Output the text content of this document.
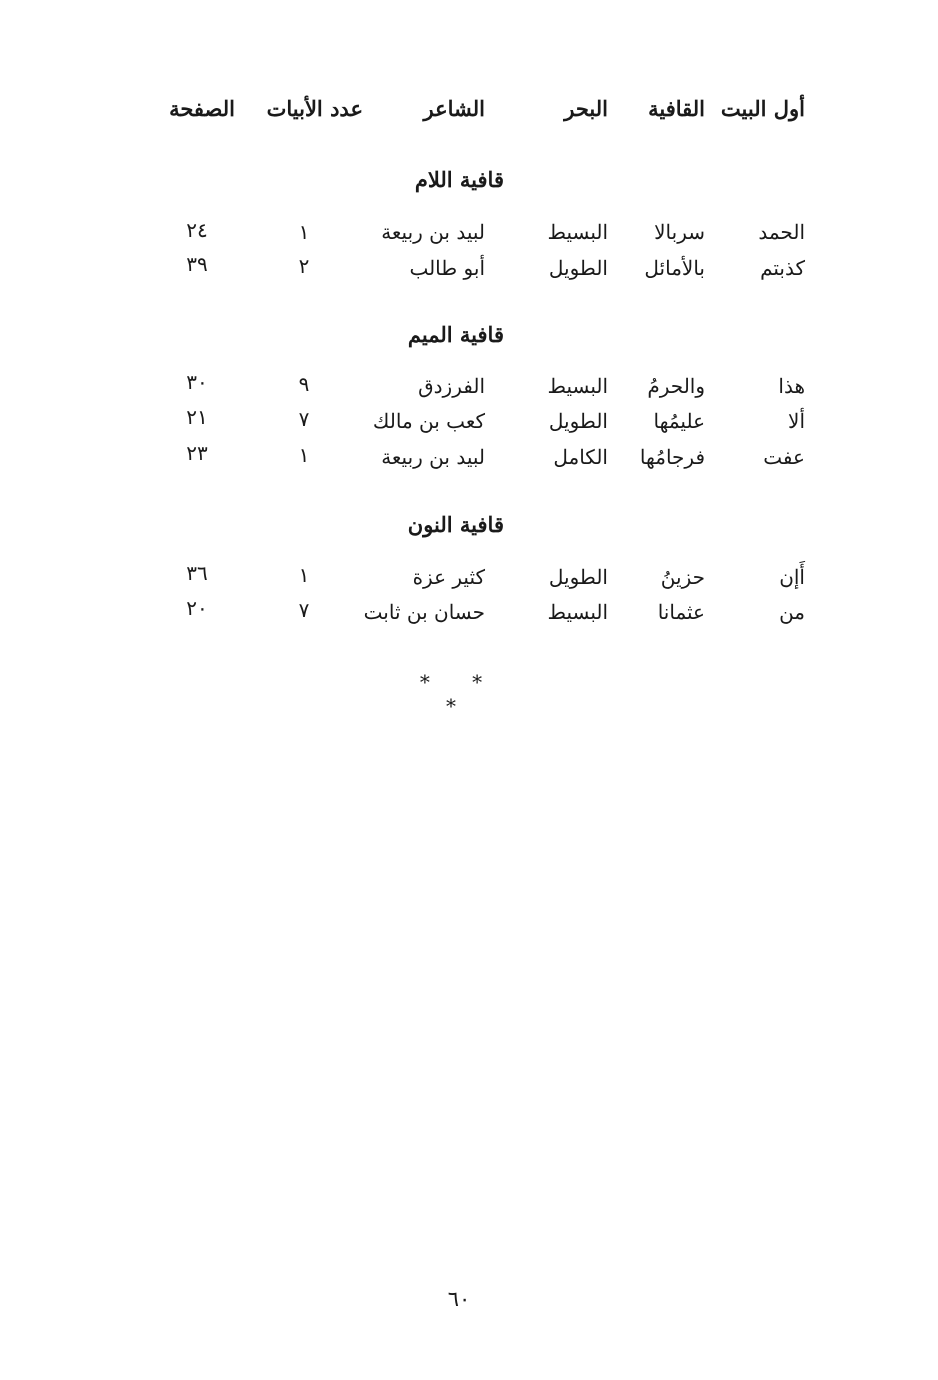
أول البيت
القافية
البحر
الشاعر
عدد الأبيات
الصفحة
قافية اللام
الحمد
سربالا
البسيط
لبيد بن ربيعة
١
٢٤
كذبتم
بالأمائل
الطويل
أبو طالب
٢
٣٩
قافية الميم
هذا
والحرمُ
البسيط
الفرزدق
٩
٣٠
ألا
عليمُها
الطويل
كعب بن مالك
٧
٢١
عفت
فرجامُها
الكامل
لبيد بن ربيعة
١
٢٣
قافية النون
أَإن
حزينُ
الطويل
كثير عزة
١
٣٦
من
عثمانا
البسيط
حسان بن ثابت
٧
٢٠
* * *
٦٠
